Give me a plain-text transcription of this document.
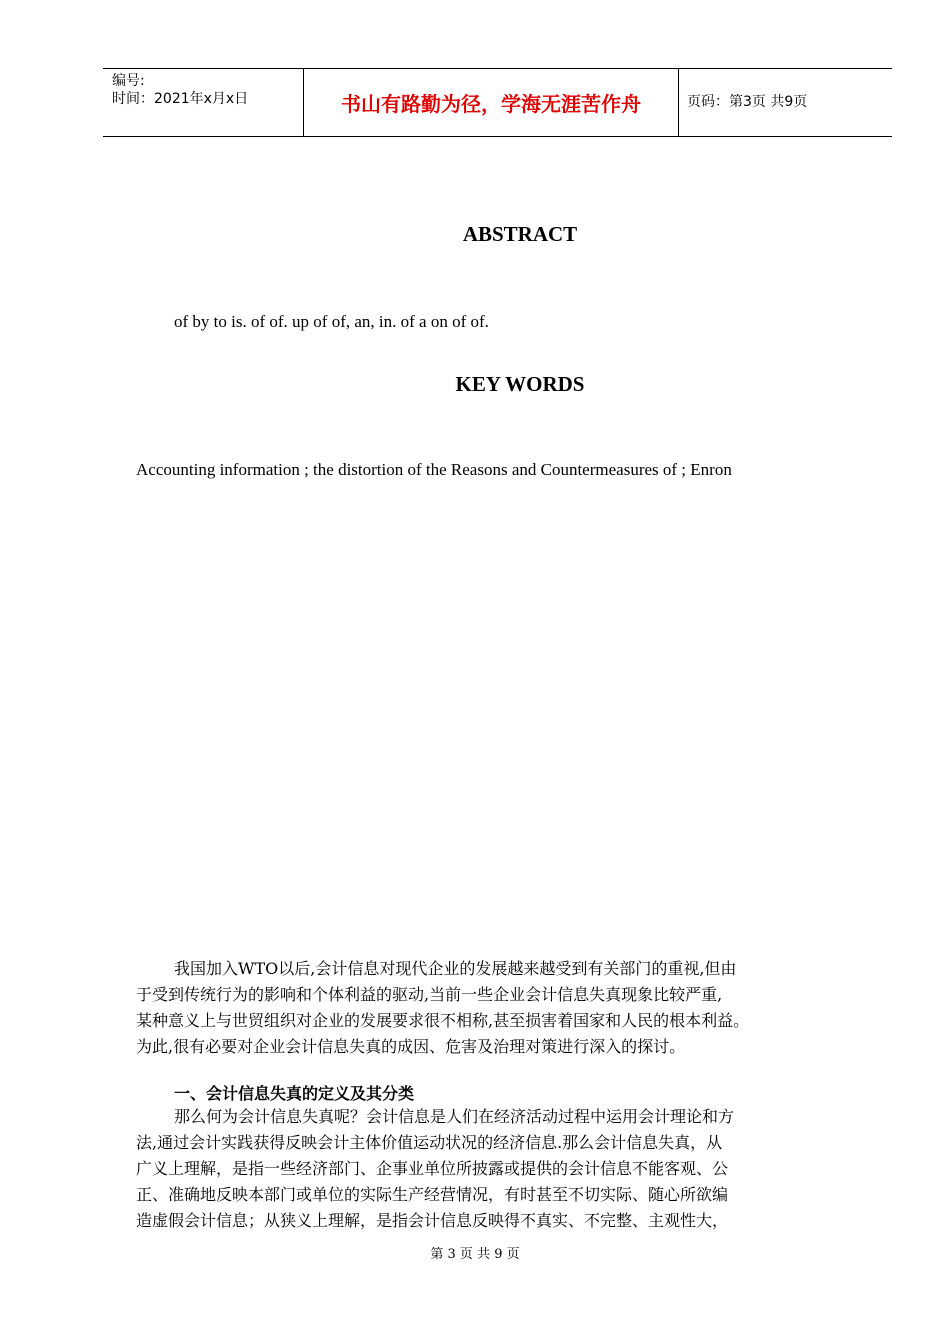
编号:
时间：2021年x月x日	书山有路勤为径，学海无涯苦作舟	页码：第3页 共9页
ABSTRACT
of by to is. of of. up of of, an, in. of a on of of.
KEY WORDS
Accounting information ; the distortion of the Reasons and Countermeasures of ; Enron
我国加入WTO以后,会计信息对现代企业的发展越来越受到有关部门的重视,但由
于受到传统行为的影响和个体利益的驱动,当前一些企业会计信息失真现象比较严重,
某种意义上与世贸组织对企业的发展要求很不相称,甚至损害着国家和人民的根本利益。
为此,很有必要对企业会计信息失真的成因、危害及治理对策进行深入的探讨。
一、会计信息失真的定义及其分类
那么何为会计信息失真呢？会计信息是人们在经济活动过程中运用会计理论和方
法,通过会计实践获得反映会计主体价值运动状况的经济信息.那么会计信息失真，从
广义上理解，是指一些经济部门、企事业单位所披露或提供的会计信息不能客观、公
正、准确地反映本部门或单位的实际生产经营情况，有时甚至不切实际、随心所欲编
造虚假会计信息；从狭义上理解，是指会计信息反映得不真实、不完整、主观性大，
第 3 页 共 9 页
